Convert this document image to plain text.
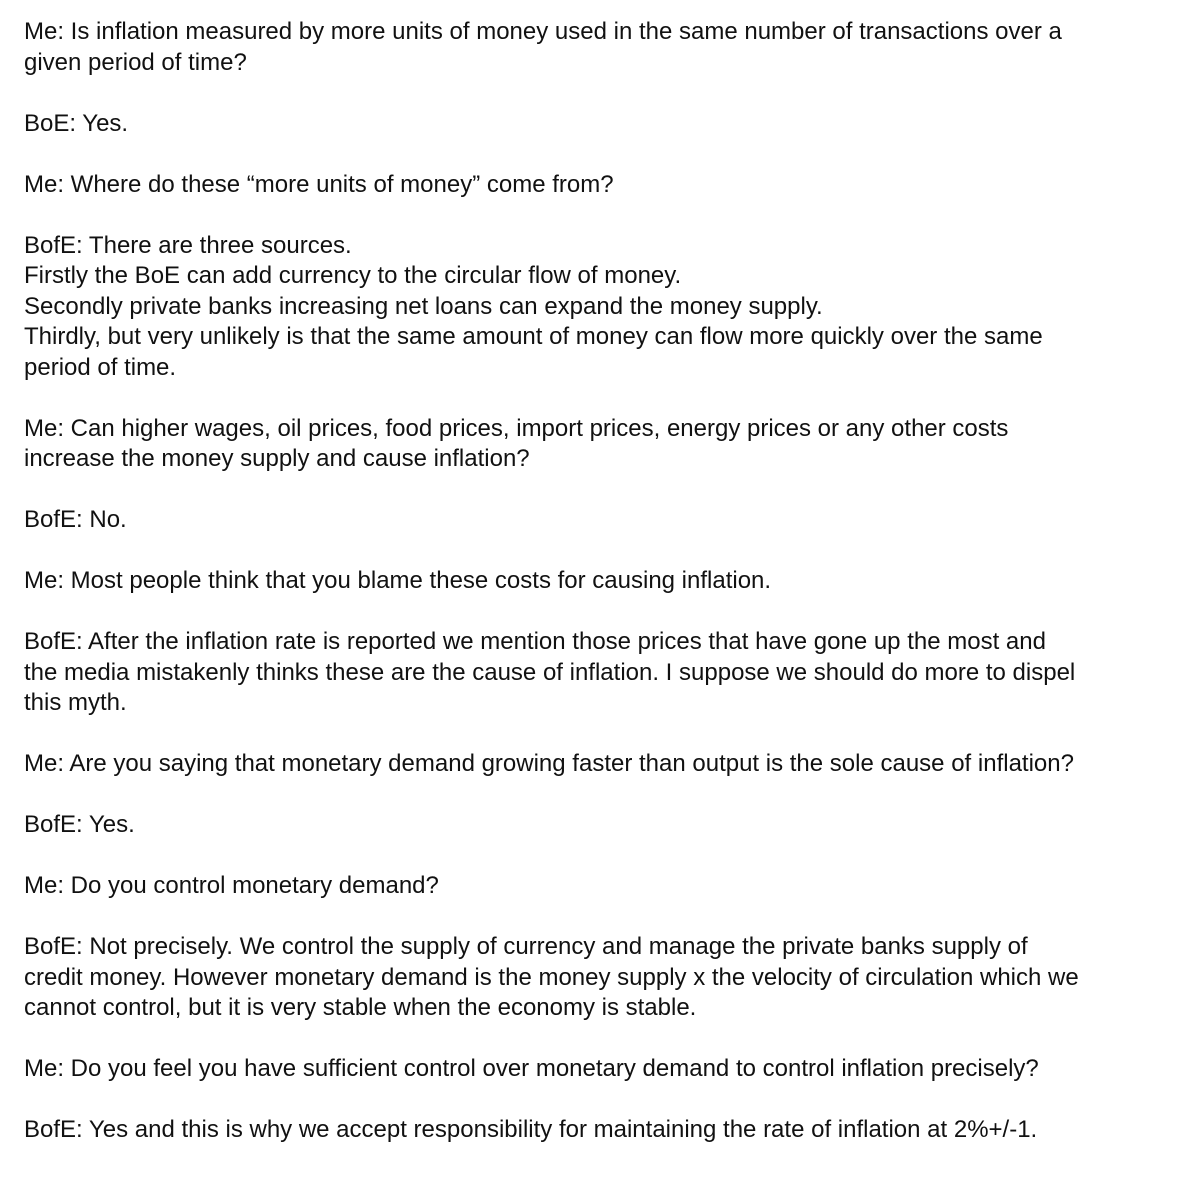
Me: Is inflation measured by more units of money used in the same number of transactions over a
given period of time?

BoE: Yes.

Me: Where do these “more units of money” come from?

BofE: There are three sources.
Firstly the BoE can add currency to the circular flow of money.
Secondly private banks increasing net loans can expand the money supply.
Thirdly, but very unlikely is that the same amount of money can flow more quickly over the same
period of time.

Me: Can higher wages, oil prices, food prices, import prices, energy prices or any other costs
increase the money supply and cause inflation?

BofE: No.

Me: Most people think that you blame these costs for causing inflation.

BofE: After the inflation rate is reported we mention those prices that have gone up the most and
the media mistakenly thinks these are the cause of inflation. I suppose we should do more to dispel
this myth.

Me: Are you saying that monetary demand growing faster than output is the sole cause of inflation?

BofE: Yes.

Me: Do you control monetary demand?

BofE: Not precisely. We control the supply of currency and manage the private banks supply of
credit money. However monetary demand is the money supply x the velocity of circulation which we
cannot control, but it is very stable when the economy is stable.

Me: Do you feel you have sufficient control over monetary demand to control inflation precisely?

BofE: Yes and this is why we accept responsibility for maintaining the rate of inflation at 2%+/-1.
